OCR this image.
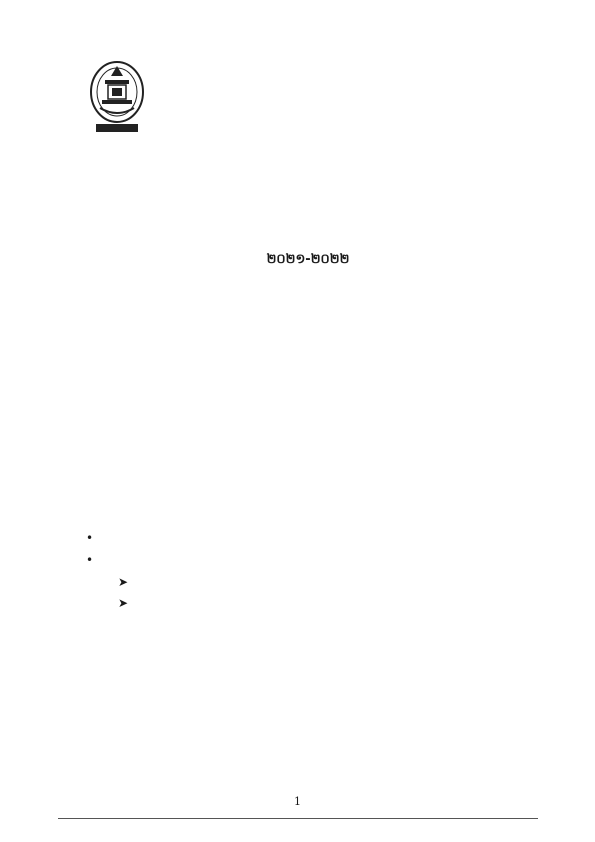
២០២១-២០២២
•
•
➤
➤
1
